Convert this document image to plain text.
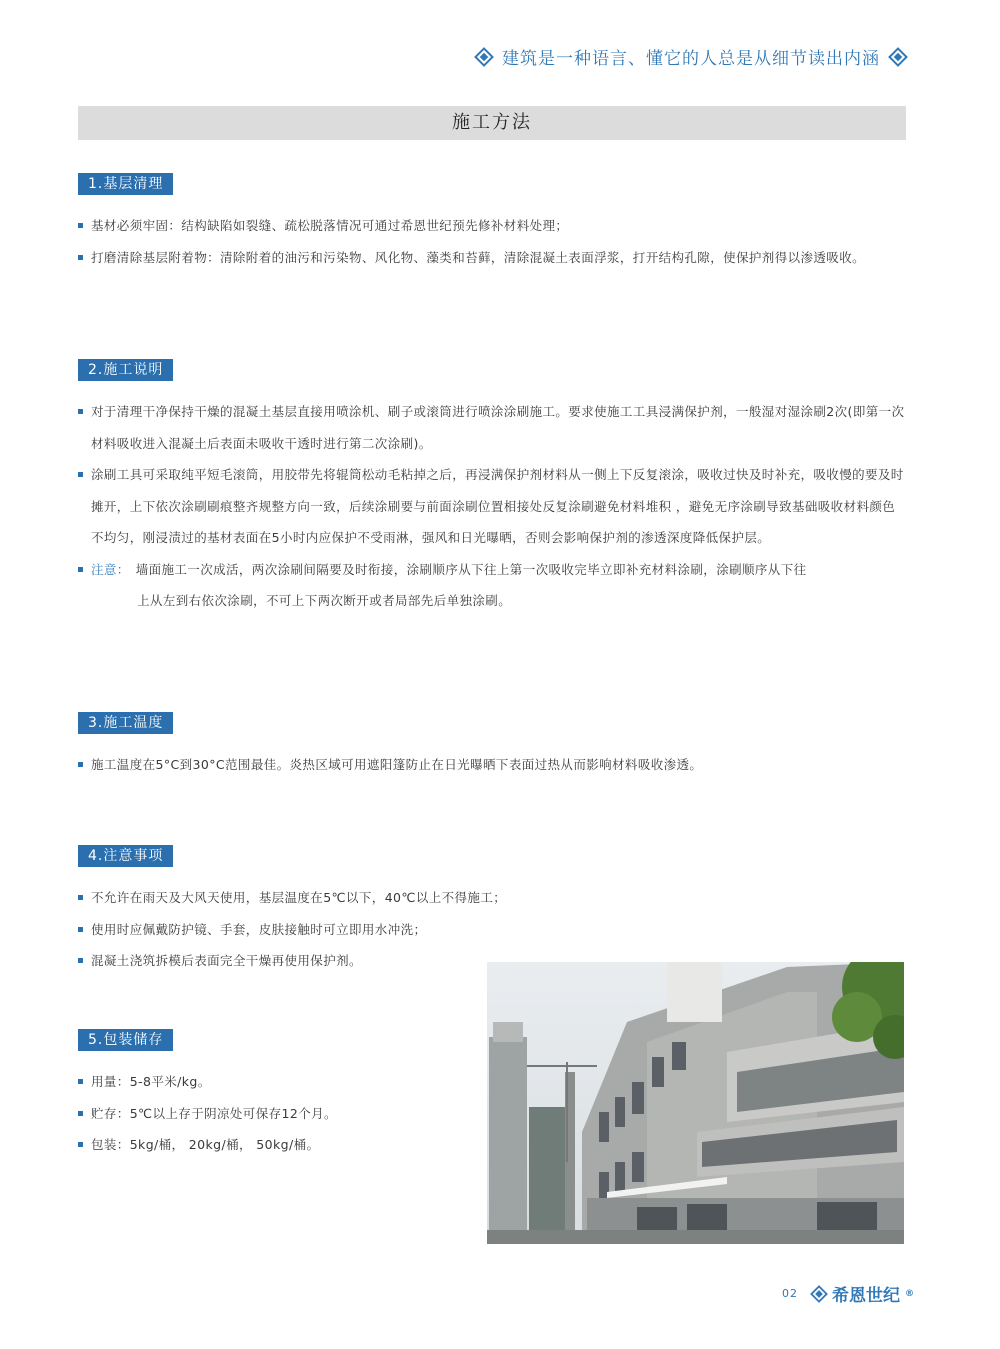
建筑是一种语言、懂它的人总是从细节读出内涵
施工方法
1.基层清理
基材必须牢固：结构缺陷如裂缝、疏松脱落情况可通过希恩世纪预先修补材料处理；
打磨清除基层附着物：清除附着的油污和污染物、风化物、藻类和苔藓，清除混凝土表面浮浆，打开结构孔隙，使保护剂得以渗透吸收。
2.施工说明
对于清理干净保持干燥的混凝土基层直接用喷涂机、刷子或滚筒进行喷涂涂刷施工。要求使施工工具浸满保护剂，一般湿对湿涂刷2次(即第一次材料吸收进入混凝土后表面未吸收干透时进行第二次涂刷)。
涂刷工具可采取纯平短毛滚筒，用胶带先将辊筒松动毛粘掉之后，再浸满保护剂材料从一侧上下反复滚涂，吸收过快及时补充，吸收慢的要及时摊开，上下依次涂刷刷痕整齐规整方向一致，后续涂刷要与前面涂刷位置相接处反复涂刷避免材料堆积 ，避免无序涂刷导致基础吸收材料颜色不均匀，刚浸渍过的基材表面在5小时内应保护不受雨淋，强风和日光曝晒，否则会影响保护剂的渗透深度降低保护层。
注意： 墙面施工一次成活，两次涂刷间隔要及时衔接，涂刷顺序从下往上第一次吸收完毕立即补充材料涂刷，涂刷顺序从下往
上从左到右依次涂刷，不可上下两次断开或者局部先后单独涂刷。
3.施工温度
施工温度在5°C到30°C范围最佳。炎热区域可用遮阳篷防止在日光曝晒下表面过热从而影响材料吸收渗透。
4.注意事项
不允许在雨天及大风天使用，基层温度在5℃以下，40℃以上不得施工；
使用时应佩戴防护镜、手套，皮肤接触时可立即用水冲洗；
混凝土浇筑拆模后表面完全干燥再使用保护剂。
5.包装储存
用量：5-8平米/kg。
贮存：5℃以上存于阴凉处可保存12个月。
包装：5kg/桶， 20kg/桶， 50kg/桶。
02 希恩世纪 ®
